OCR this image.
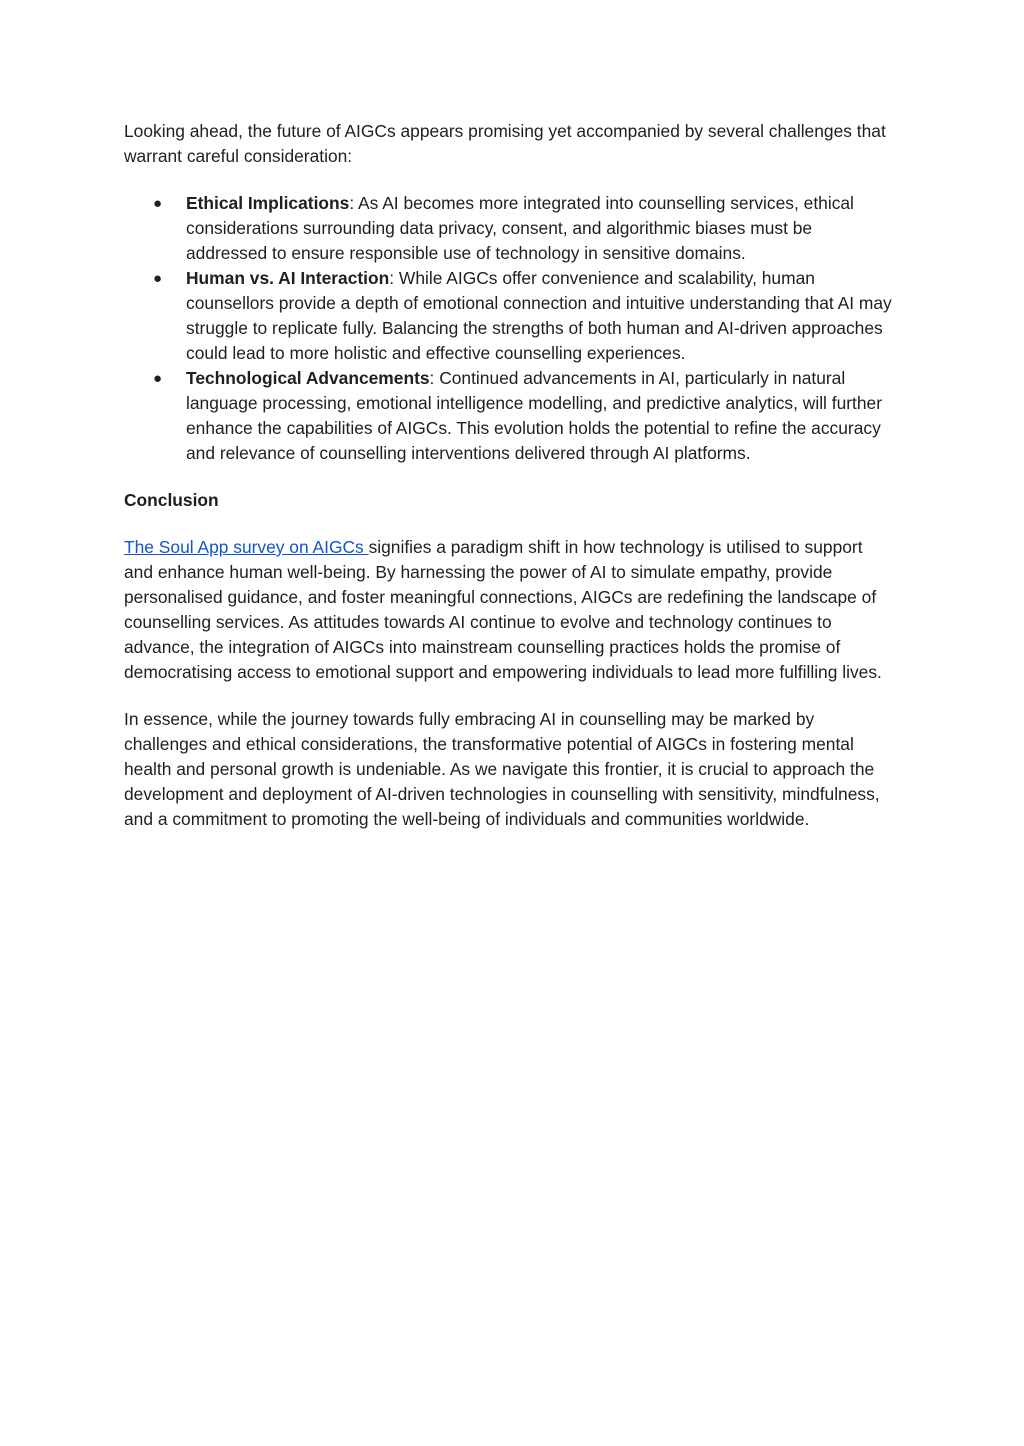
Looking ahead, the future of AIGCs appears promising yet accompanied by several challenges that warrant careful consideration:

● Ethical Implications: As AI becomes more integrated into counselling services, ethical considerations surrounding data privacy, consent, and algorithmic biases must be addressed to ensure responsible use of technology in sensitive domains.
● Human vs. AI Interaction: While AIGCs offer convenience and scalability, human counsellors provide a depth of emotional connection and intuitive understanding that AI may struggle to replicate fully. Balancing the strengths of both human and AI-driven approaches could lead to more holistic and effective counselling experiences.
● Technological Advancements: Continued advancements in AI, particularly in natural language processing, emotional intelligence modelling, and predictive analytics, will further enhance the capabilities of AIGCs. This evolution holds the potential to refine the accuracy and relevance of counselling interventions delivered through AI platforms.
Conclusion

The Soul App survey on AIGCs signifies a paradigm shift in how technology is utilised to support and enhance human well-being. By harnessing the power of AI to simulate empathy, provide personalised guidance, and foster meaningful connections, AIGCs are redefining the landscape of counselling services. As attitudes towards AI continue to evolve and technology continues to advance, the integration of AIGCs into mainstream counselling practices holds the promise of democratising access to emotional support and empowering individuals to lead more fulfilling lives.

In essence, while the journey towards fully embracing AI in counselling may be marked by challenges and ethical considerations, the transformative potential of AIGCs in fostering mental health and personal growth is undeniable. As we navigate this frontier, it is crucial to approach the development and deployment of AI-driven technologies in counselling with sensitivity, mindfulness, and a commitment to promoting the well-being of individuals and communities worldwide.
